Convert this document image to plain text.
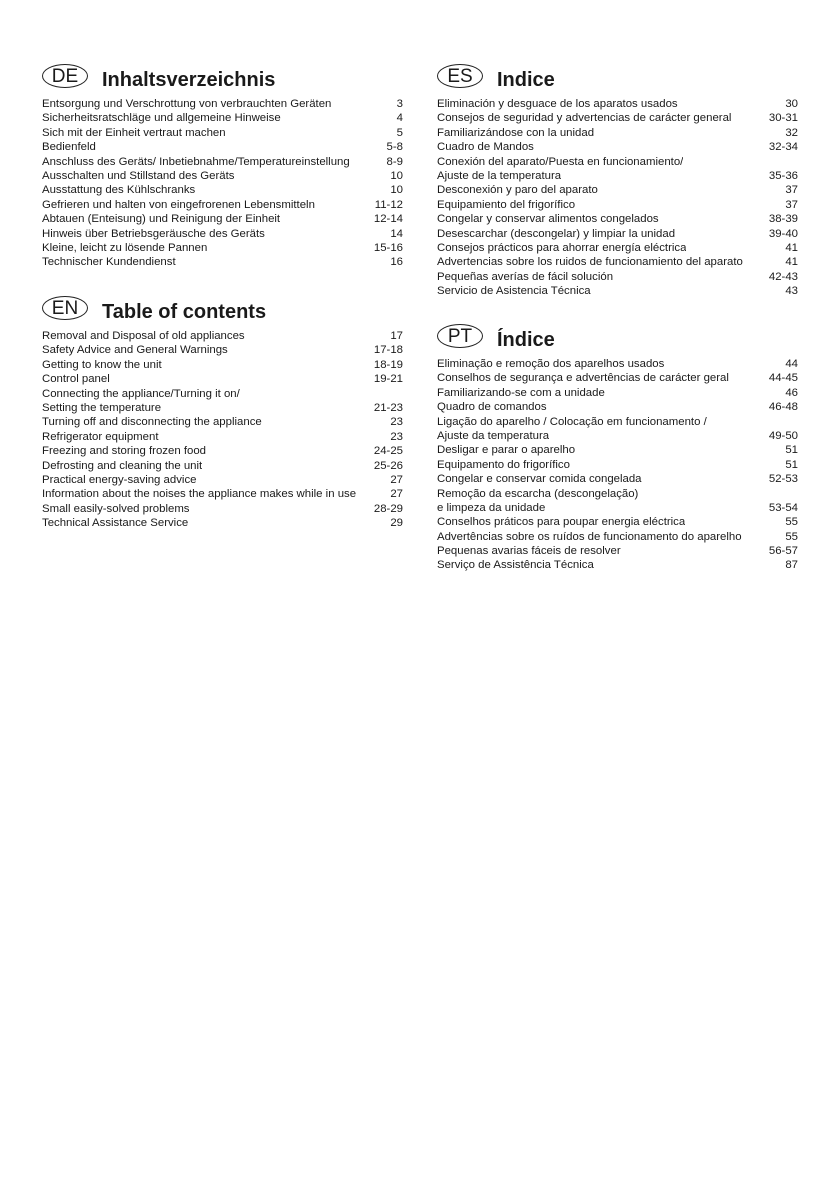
DE	Inhaltsverzeichnis
Entsorgung und Verschrottung von verbrauchten Geräten	3
Sicherheitsratschläge und allgemeine Hinweise	4
Sich mit der Einheit vertraut machen	5
Bedienfeld	5-8
Anschluss des Geräts/ Inbetiebnahme/Temperatureinstellung	8-9
Ausschalten und Stillstand des Geräts	10
Ausstattung des Kühlschranks	10
Gefrieren und halten von eingefrorenen Lebensmitteln	11-12
Abtauen (Enteisung) und Reinigung der Einheit	12-14
Hinweis über Betriebsgeräusche des Geräts	14
Kleine, leicht zu lösende Pannen	15-16
Technischer Kundendienst	16
EN	Table of contents
Removal and Disposal of old appliances	17
Safety Advice and General Warnings	17-18
Getting to know the unit	18-19
Control panel	19-21
Connecting the appliance/Turning it on/
Setting the temperature	21-23
Turning off and disconnecting the appliance	23
Refrigerator equipment	23
Freezing and storing frozen food	24-25
Defrosting and cleaning the unit	25-26
Practical energy-saving advice	27
Information about the noises the appliance makes while in use	27
Small easily-solved problems	28-29
Technical Assistance Service	29
ES	Indice
Eliminación y desguace de los aparatos usados	30
Consejos de seguridad y advertencias de carácter general	30-31
Familiarizándose con la unidad	32
Cuadro de Mandos	32-34
Conexión del aparato/Puesta en funcionamiento/
Ajuste de la temperatura	35-36
Desconexión y paro del aparato	37
Equipamiento del frigorífico	37
Congelar y conservar alimentos congelados	38-39
Desescarchar (descongelar) y limpiar la unidad	39-40
Consejos prácticos para ahorrar energía eléctrica	41
Advertencias sobre los ruidos de funcionamiento del aparato	41
Pequeñas averías de fácil solución	42-43
Servicio de Asistencia Técnica	43
PT	Índice
Eliminação e remoção dos aparelhos usados	44
Conselhos de segurança e advertências de carácter geral	44-45
Familiarizando-se com a unidade	46
Quadro de comandos	46-48
Ligação do aparelho / Colocação em funcionamento /
Ajuste da temperatura	49-50
Desligar e parar o aparelho	51
Equipamento do frigorífico	51
Congelar e conservar comida congelada	52-53
Remoção da escarcha (descongelação)
e limpeza da unidade	53-54
Conselhos práticos para poupar energia eléctrica	55
Advertências sobre os ruídos de funcionamento do aparelho	55
Pequenas avarias fáceis de resolver	56-57
Serviço de Assistência Técnica	87
